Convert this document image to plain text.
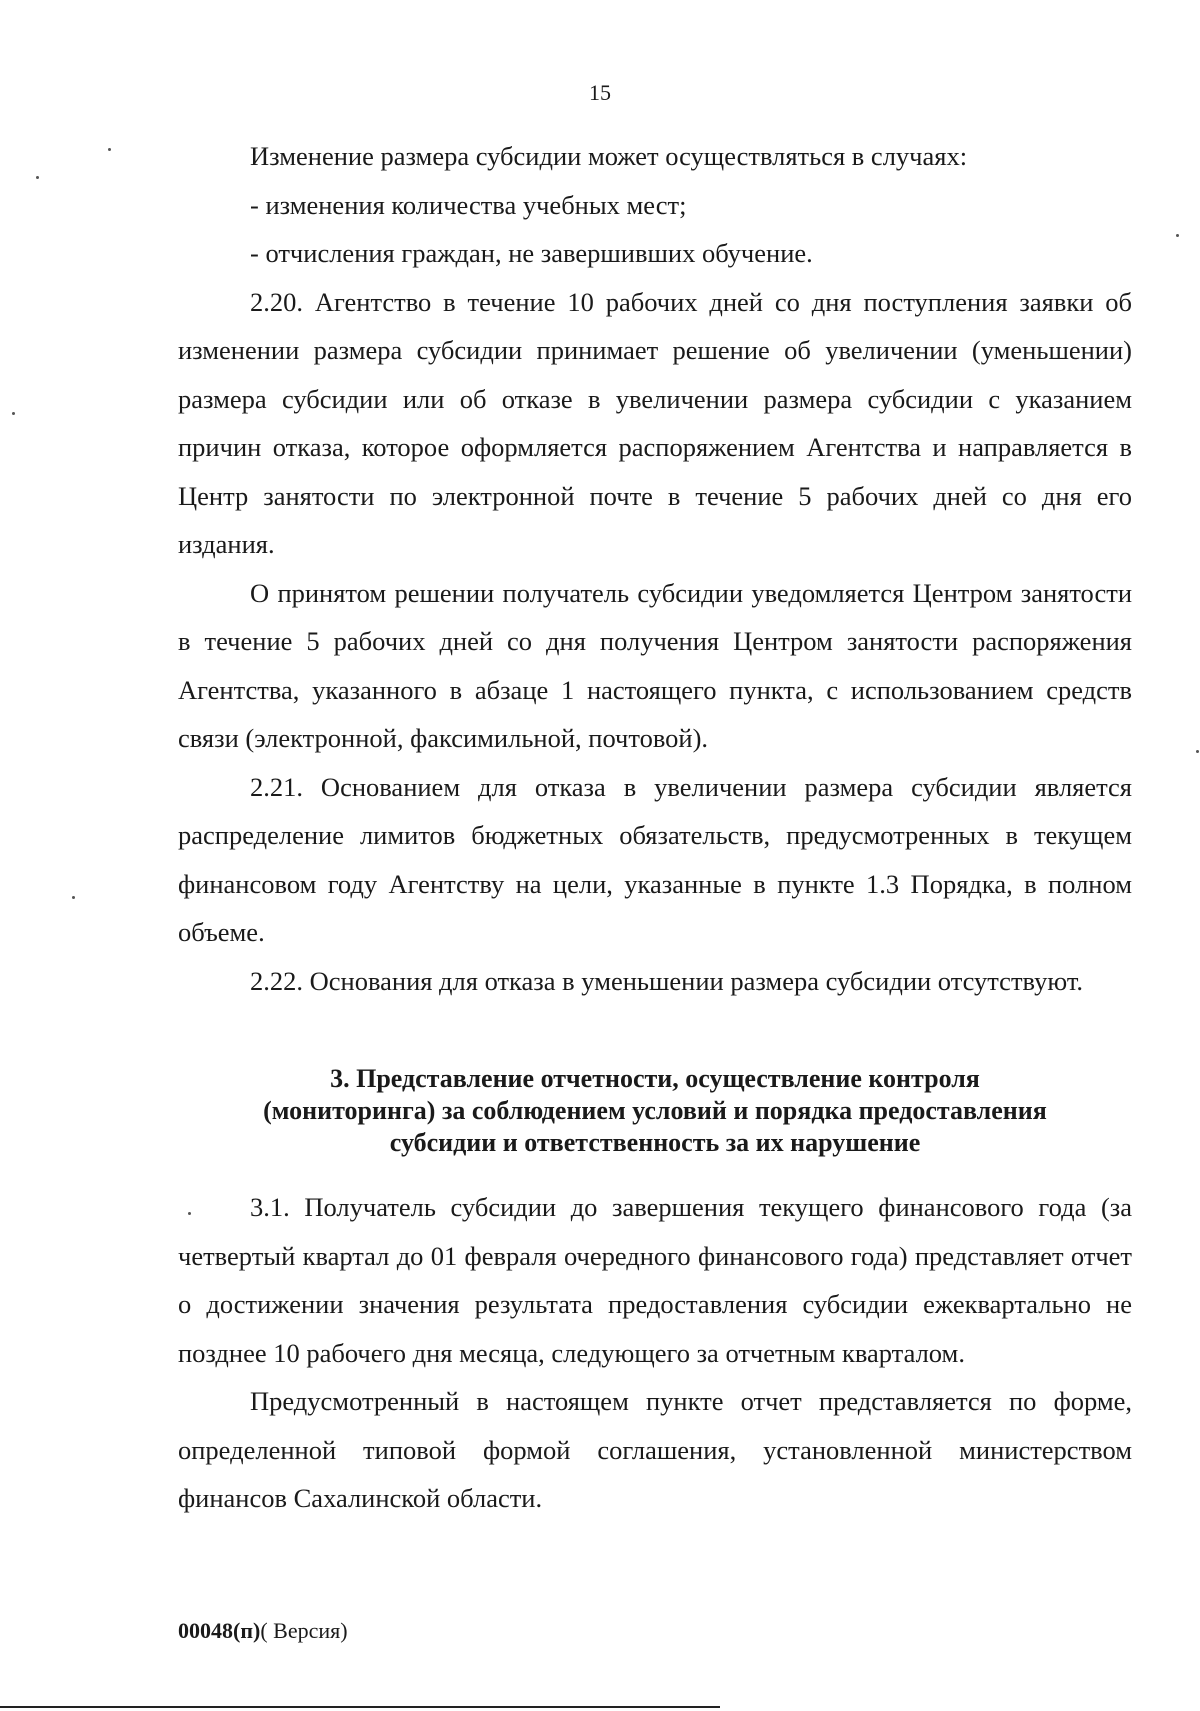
15

Изменение размера субсидии может осуществляться в случаях:

- изменения количества учебных мест;

- отчисления граждан, не завершивших обучение.

2.20. Агентство в течение 10 рабочих дней со дня поступления заявки об изменении размера субсидии принимает решение об увеличении (уменьшении) размера субсидии или об отказе в увеличении размера субсидии с указанием причин отказа, которое оформляется распоряжением Агентства и направляется в Центр занятости по электронной почте в течение 5 рабочих дней со дня его издания.

О принятом решении получатель субсидии уведомляется Центром занятости в течение 5 рабочих дней со дня получения Центром занятости распоряжения Агентства, указанного в абзаце 1 настоящего пункта, с использованием средств связи (электронной, факсимильной, почтовой).

2.21. Основанием для отказа в увеличении размера субсидии является распределение лимитов бюджетных обязательств, предусмотренных в текущем финансовом году Агентству на цели, указанные в пункте 1.3 Порядка, в полном объеме.

2.22. Основания для отказа в уменьшении размера субсидии отсутствуют.

3. Представление отчетности, осуществление контроля
(мониторинга) за соблюдением условий и порядка предоставления
субсидии и ответственность за их нарушение

3.1. Получатель субсидии до завершения текущего финансового года (за четвертый квартал до 01 февраля очередного финансового года) представляет отчет о достижении значения результата предоставления субсидии ежеквартально не позднее 10 рабочего дня месяца, следующего за отчетным кварталом.

Предусмотренный в настоящем пункте отчет представляется по форме, определенной типовой формой соглашения, установленной министерством финансов Сахалинской области.

00048(п)( Версия)
